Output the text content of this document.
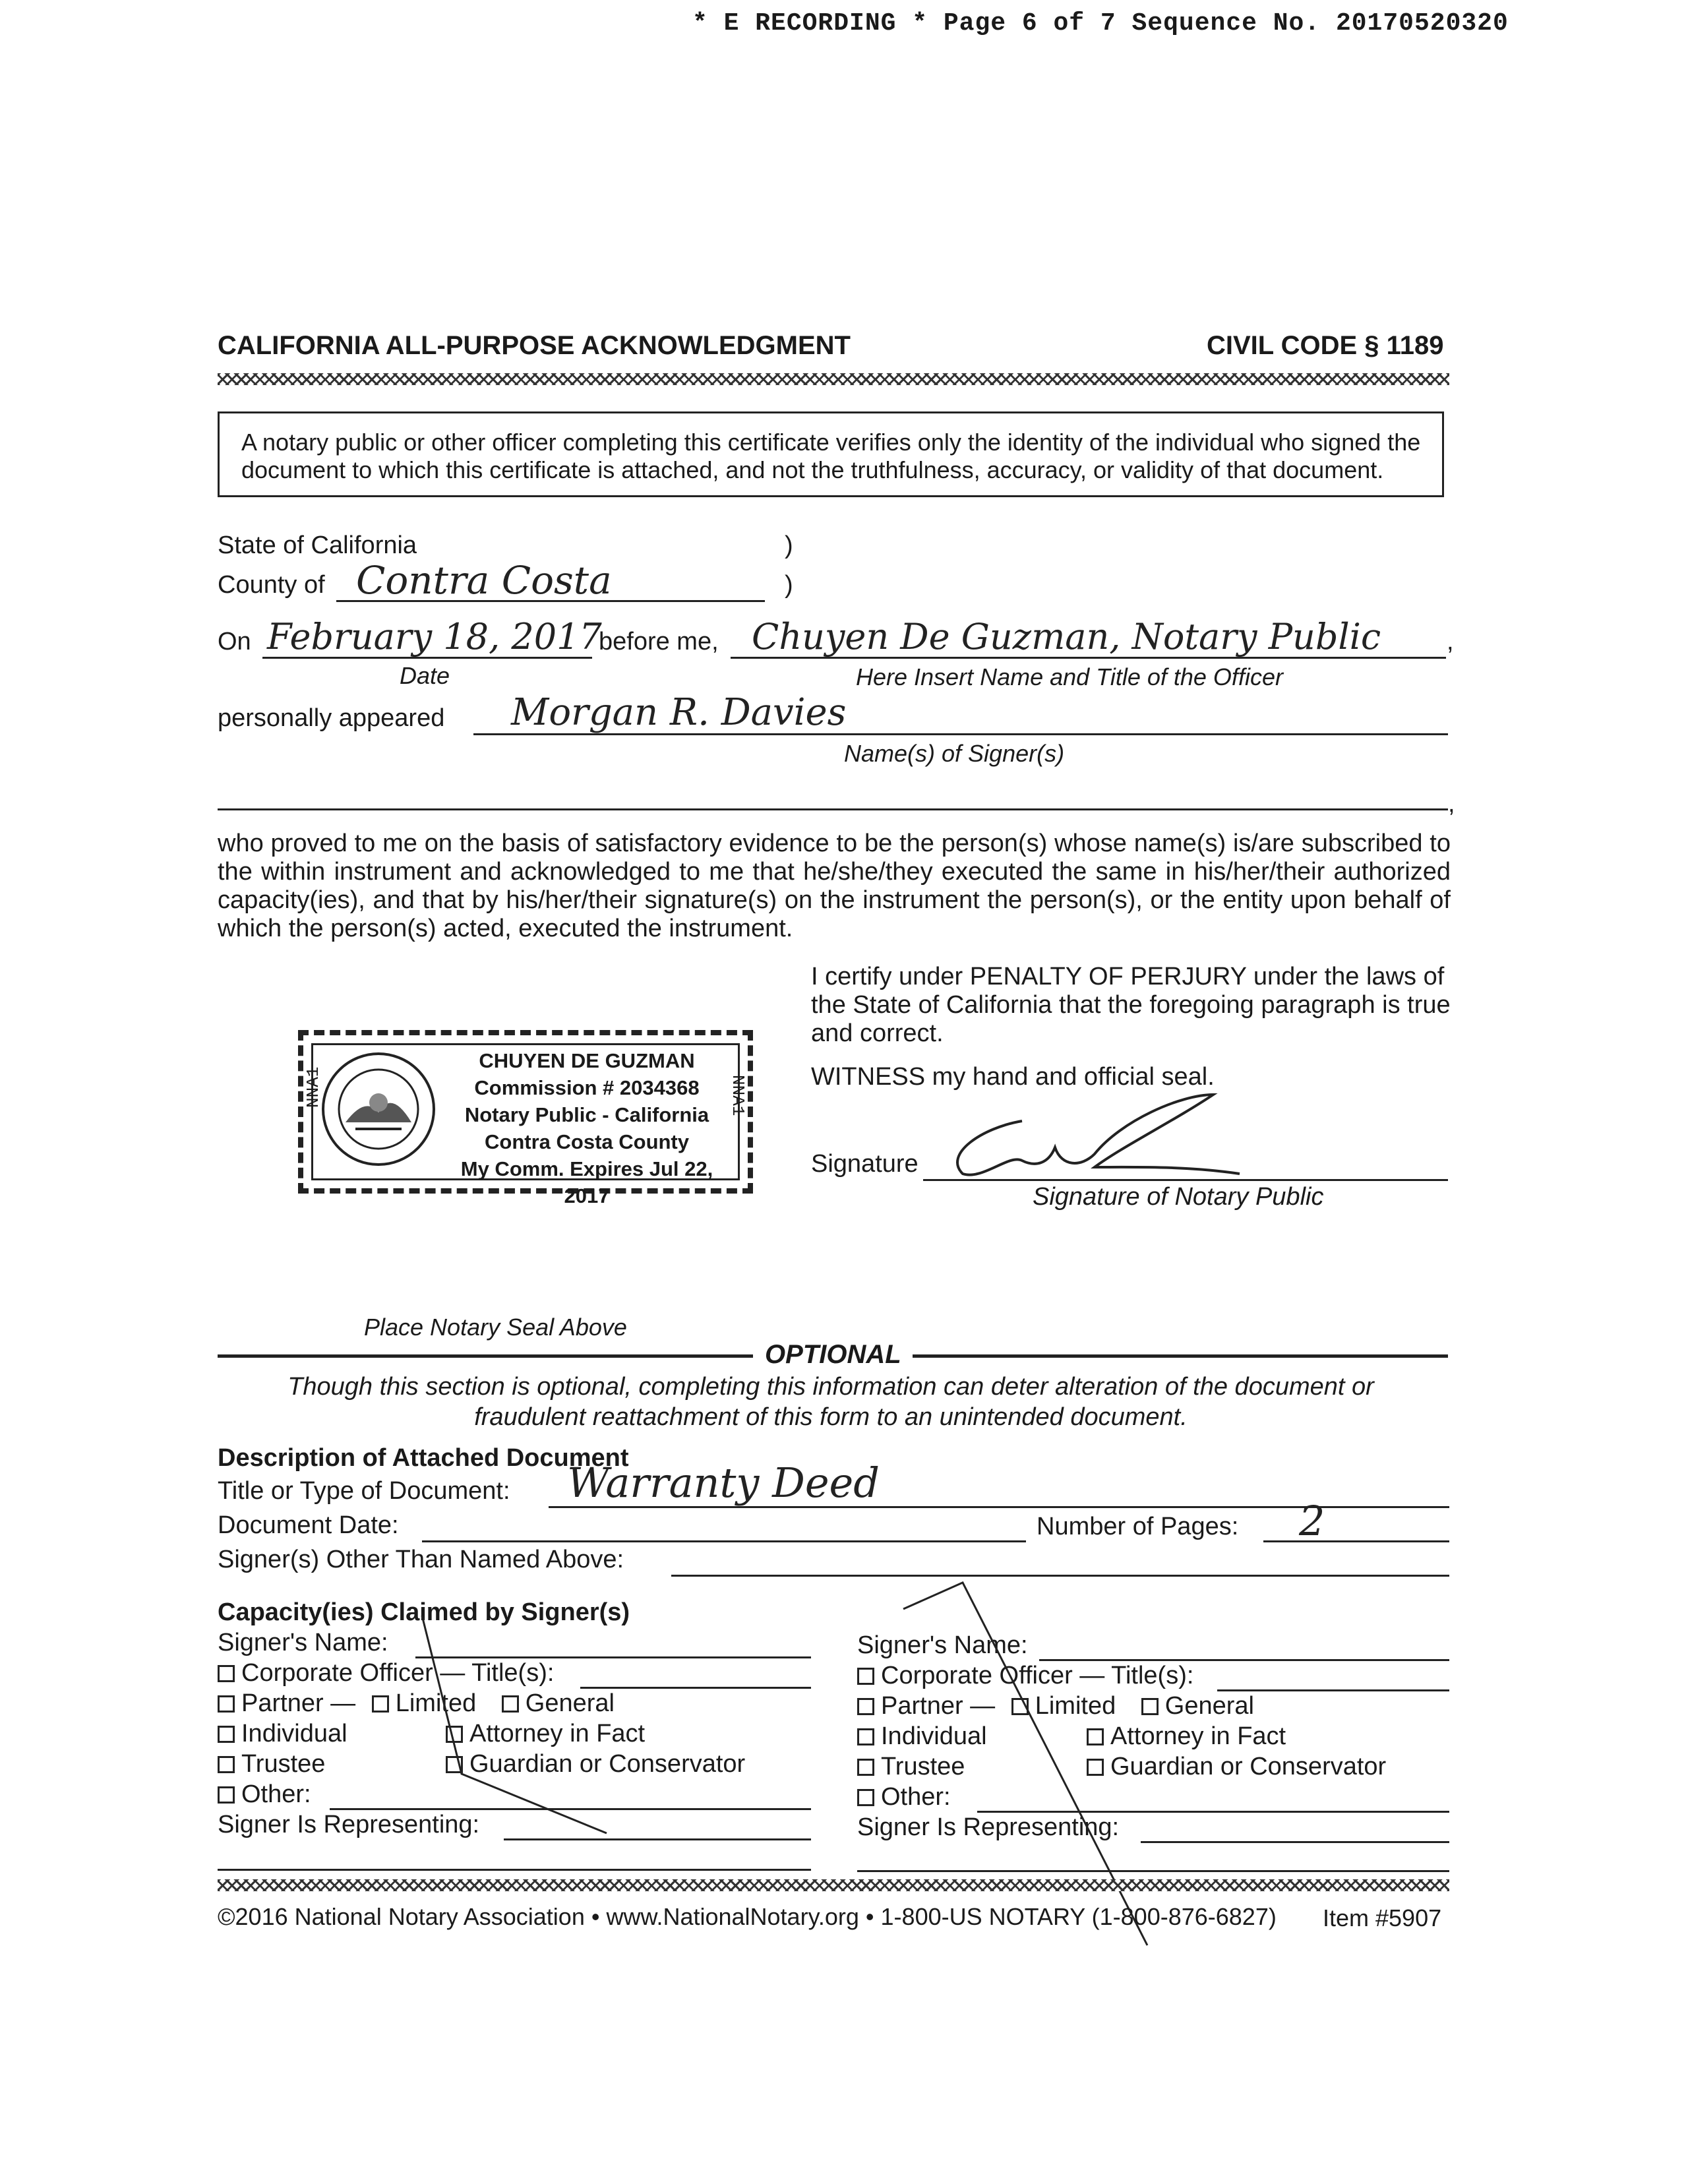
* E RECORDING * Page 6 of 7 Sequence No. 20170520320
CALIFORNIA ALL-PURPOSE ACKNOWLEDGMENT	CIVIL CODE § 1189
A notary public or other officer completing this certificate verifies only the identity of the individual who signed the document to which this certificate is attached, and not the truthfulness, accuracy, or validity of that document.
State of California	)
County of Contra Costa	)
On February 18, 2017
before me, Chuyen De Guzman, Notary Public	,
Date	Here Insert Name and Title of the Officer
personally appeared Morgan R. Davies
Name(s) of Signer(s)
,
who proved to me on the basis of satisfactory evidence to be the person(s) whose name(s) is/are subscribed to the within instrument and acknowledged to me that he/she/they executed the same in his/her/their authorized capacity(ies), and that by his/her/their signature(s) on the instrument the person(s), or the entity upon behalf of which the person(s) acted, executed the instrument.
I certify under PENALTY OF PERJURY under the laws of the State of California that the foregoing paragraph is true and correct.
WITNESS my hand and official seal.
Signature
Signature of Notary Public
NNA1	NNA1
CHUYEN DE GUZMAN
Commission # 2034368
Notary Public - California
Contra Costa County
My Comm. Expires Jul 22, 2017
Place Notary Seal Above
OPTIONAL
Though this section is optional, completing this information can deter alteration of the document or fraudulent reattachment of this form to an unintended document.
Description of Attached Document
Title or Type of Document: Warranty Deed
Document Date:	Number of Pages: 2
Signer(s) Other Than Named Above:
Capacity(ies) Claimed by Signer(s)
Signer's Name:
Corporate Officer — Title(s):
Partner — Limited General
Individual	Attorney in Fact
Trustee	Guardian or Conservator
Other:
Signer Is Representing:
Signer's Name:
Corporate Officer — Title(s):
Partner — Limited General
Individual	Attorney in Fact
Trustee	Guardian or Conservator
Other:
Signer Is Representing:
©2016 National Notary Association • www.NationalNotary.org • 1-800-US NOTARY (1-800-876-6827) Item #5907
